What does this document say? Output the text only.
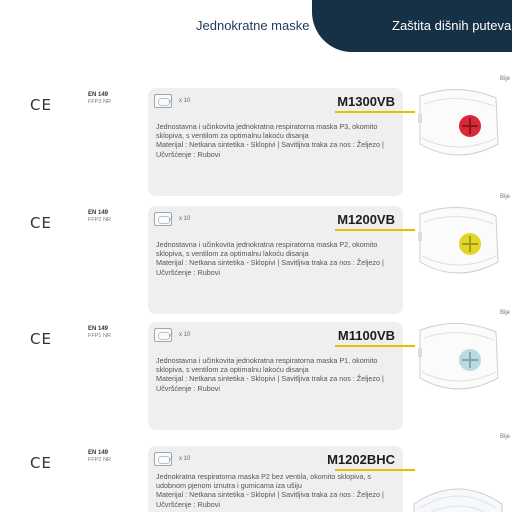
Jednokratne maske	Zaštita dišnih puteva
CE
EN 149
FFP3 NR	✓ x 10	M1300VB
Jednostavna i učinkovita jednokratna respiratorna maska P3, okomito sklopiva, s ventilom za optimalnu lakoću disanja
Materijal : Netkana sintetika - Sklopivi | Savitljiva traka za nos : Željezo | Učvršćenje : Rubovi
Bije
CE
EN 149
FFP2 NR	✓ x 10	M1200VB
Jednostavna i učinkovita jednokratna respiratorna maska P2, okomito sklopiva, s ventilom za optimalnu lakoću disanja
Materijal : Netkana sintetika - Sklopivi | Savitljiva traka za nos : Željezo | Učvršćenje : Rubovi
Bije
CE
EN 149
FFP1 NR	✓ x 10	M1100VB
Jednostavna i učinkovita jednokratna respiratorna maska P1, okomito sklopiva, s ventilom za optimalnu lakoću disanja
Materijal : Netkana sintetika - Sklopivi | Savitljiva traka za nos : Željezo | Učvršćenje : Rubovi
Bije
CE
EN 149
FFP2 NR	✓ x 10	M1202BHC
Jednokratna respiratorna maska P2 bez ventila, okomito sklopiva, s udobnom pjenom iznutra i gumicama iza ušiju
Materijal : Netkana sintetika - Sklopivi | Savitljiva traka za nos : Željezo | Učvršćenje : Rubovi
Bije
